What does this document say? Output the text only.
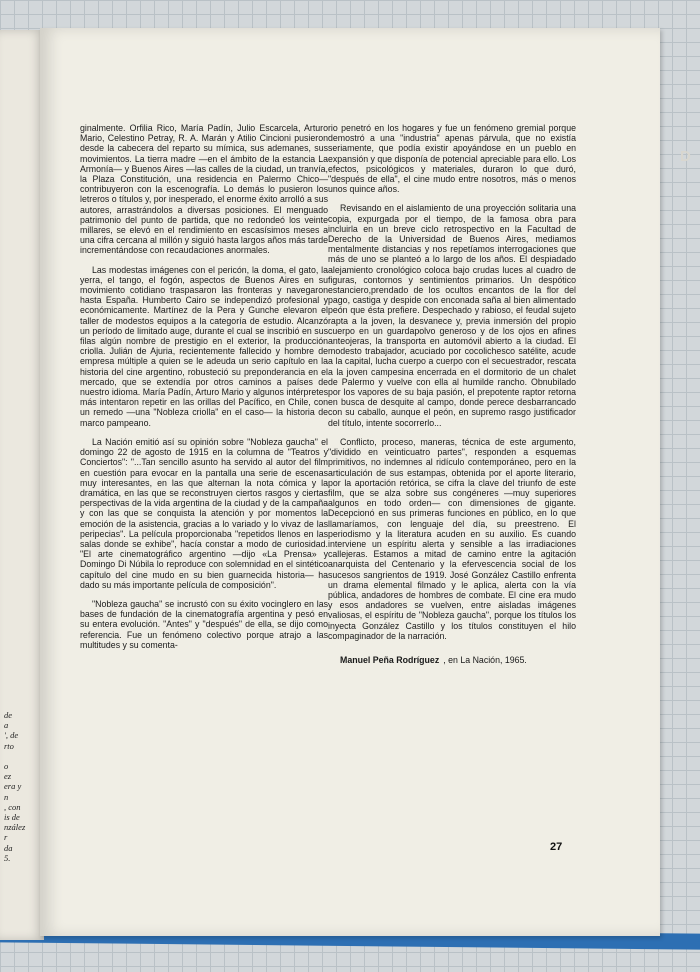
de
a
', de
rto

o
ez
era y
n
, con
is de
nzález
r
da
5.
D

ginalmente. Orfilia Rico, María Padín, Julio Escarcela, Arturo Mario, Celestino Petray, R. A. Marán y Atilio Cincioni pusieron desde la cabecera del reparto su mímica, sus ademanes, sus movimientos. La tierra madre —en el ámbito de la estancia La Armonía— y Buenos Aires —las calles de la ciudad, un tranvía, la Plaza Constitución, una residencia en Palermo Chico— contribuyeron con la escenografía. Lo demás lo pusieron los letreros o títulos y, por inesperado, el enorme éxito arrolló a sus autores, arrastrándolos a diversas posiciones. El menguado patrimonio del punto de partida, que no redondeó los veinte millares, se elevó en el rendimiento en escasísimos meses a una cifra cercana al millón y siguió hasta largos años más tarde incrementándose con recaudaciones anormales.

Las modestas imágenes con el pericón, la doma, el gato, la yerra, el tango, el fogón, aspectos de Buenos Aires en su movimiento cotidiano traspasaron las fronteras y navegaron hasta España. Humberto Cairo se independizó profesional y económicamente. Martínez de la Pera y Gunche elevaron el taller de modestos equipos a la categoría de estudio. Alcanzó un período de limitado auge, durante el cual se inscribió en sus filas algún nombre de prestigio en el exterior, la producción criolla. Julián de Ajuria, recientemente fallecido y hombre de empresa múltiple a quien se le adeuda un serio capítulo en la historia del cine argentino, robusteció su preponderancia en el mercado, que se extendía por otros caminos a países de nuestro idioma. María Padín, Arturo Mario y algunos intérpretes más intentaron repetir en las orillas del Pacífico, en Chile, con un remedo —una "Nobleza criolla" en el caso— la historia de marco pampeano.

La Nación emitió así su opinión sobre "Nobleza gaucha" el domingo 22 de agosto de 1915 en la columna de "Teatros y Conciertos": "...Tan sencillo asunto ha servido al autor del film en cuestión para evocar en la pantalla una serie de escenas muy interesantes, en las que alternan la nota cómica y la dramática, en las que se reconstruyen ciertos rasgos y ciertas perspectivas de la vida argentina de la ciudad y de la campaña y con las que se conquista la atención y por momentos la emoción de la asistencia, gracias a lo variado y lo vivaz de las peripecias". La película proporcionaba "repetidos llenos en las salas donde se exhibe", hacía constar a modo de curiosidad. "El arte cinematográfico argentino —dijo «La Prensa» y Domingo Di Núbila lo reproduce con solemnidad en el sintético capítulo del cine mudo en su bien guarnecida historia— ha dado su más importante película de composición".

"Nobleza gaucha" se incrustó con su éxito vocinglero en las bases de fundación de la cinematografía argentina y pesó en su entera evolución. "Antes" y "después" de ella, se dijo como referencia. Fue un fenómeno colectivo porque atrajo a las multitudes y su comenta-

rio penetró en los hogares y fue un fenómeno gremial porque demostró a una "industria" apenas párvula, que no existía seriamente, que podía existir apoyándose en un pueblo en expansión y que disponía de potencial apreciable para ello. Los efectos, psicológicos y materiales, duraron lo que duró, "después de ella", el cine mudo entre nosotros, más o menos unos quince años.

Revisando en el aislamiento de una proyección solitaria una copia, expurgada por el tiempo, de la famosa obra para incluirla en un breve ciclo retrospectivo en la Facultad de Derecho de la Universidad de Buenos Aires, mediamos mentalmente distancias y nos repetíamos interrogaciones que más de uno se planteó a lo largo de los años. El despiadado alejamiento cronológico coloca bajo crudas luces al cuadro de figuras, contornos y sentimientos primarios. Un despótico estanciero,prendado de los ocultos encantos de la flor del pago, castiga y despide con enconada saña al bien alimentado peón que ésta prefiere. Despechado y rabioso, el feudal sujeto rapta a la joven, la desvanece y, previa inmersión del propio cuerpo en un guardapolvo generoso y de los ojos en afines anteojeras, la transporta en automóvil abierto a la ciudad. El modesto trabajador, acuciado por cocolichesco satélite, acude a la capital, lucha cuerpo a cuerpo con el secuestrador, rescata a la joven campesina encerrada en el dormitorio de un chalet de Palermo y vuelve con ella al humilde rancho. Obnubilado por los vapores de su baja pasión, el prepotente raptor retorna en busca de desquite al campo, donde perece desbarrancado con su caballo, aunque el peón, en supremo rasgo justificador del título, intente socorrerlo...

Conflicto, proceso, maneras, técnica de este argumento, "dividido en veinticuatro partes", responden a esquemas primitivos, no indemnes al ridículo contemporáneo, pero en la articulación de sus estampas, obtenida por el aporte literario, por la aportación retórica, se cifra la clave del triunfo de este film, que se alza sobre sus congéneres —muy superiores algunos en todo orden— con dimensiones de gigante. Decepcionó en sus primeras funciones en público, en lo que llamaríamos, con lenguaje del día, su preestreno. El periodismo y la literatura acuden en su auxilio. Es cuando interviene un espíritu alerta y sensible a las irradiaciones callejeras. Estamos a mitad de camino entre la agitación anarquista del Centenario y la efervescencia social de los sucesos sangrientos de 1919. José González Castillo enfrenta un drama elemental filmado y le aplica, alerta con la vía pública, andadores de hombres de combate. El cine era mudo y esos andadores se vuelven, entre aisladas imágenes valiosas, el espíritu de "Nobleza gaucha", porque los títulos los inyecta González Castillo y los títulos constituyen el hilo compaginador de la narración.

Manuel Peña Rodríguez , en La Nación, 1965.

27
